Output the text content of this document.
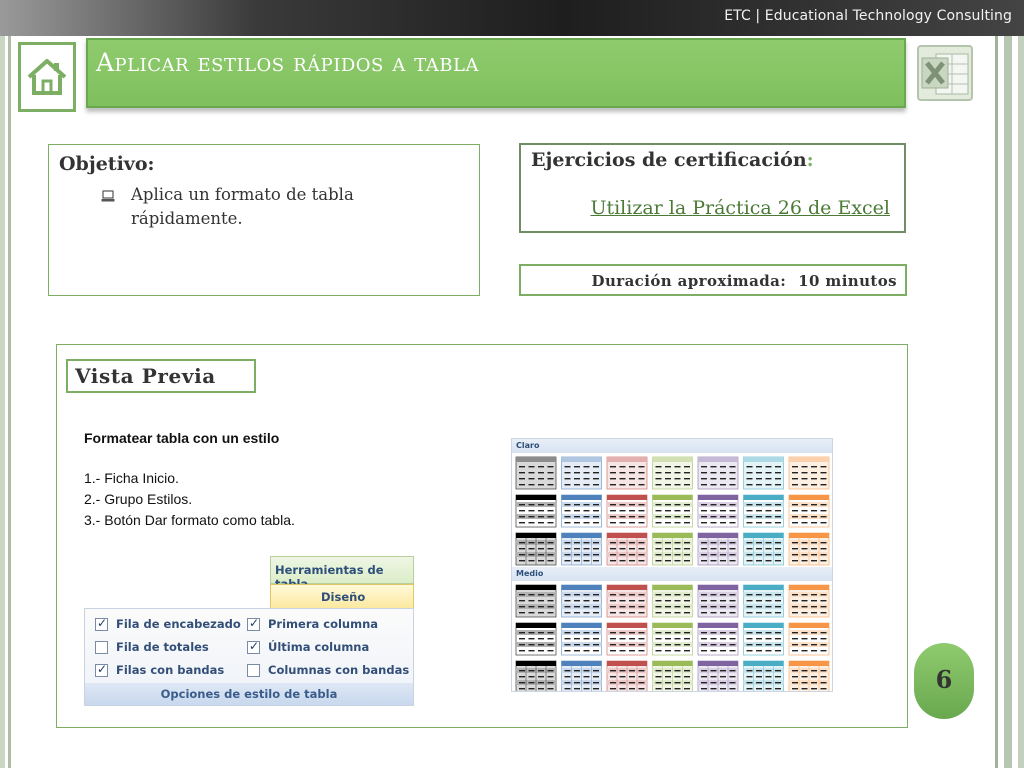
ETC | Educational Technology Consulting
Aplicar estilos rápidos a tabla
Objetivo:
Aplica un formato de tabla rápidamente.
Ejercicios de certificación:
Utilizar la Práctica 26 de Excel
Duración aproximada: 10 minutos
Vista Previa
Formatear tabla con un estilo
1.- Ficha Inicio.
2.- Grupo Estilos.
3.- Botón Dar formato como tabla.
Herramientas de
Diseño
✓
Fila de encabezado ✓ Primera columna
Fila de totales ✓	Última columna
✓
Filas con bandas	Columnas con bandas
Opciones de estilo de tabla
Claro
Medio
6
